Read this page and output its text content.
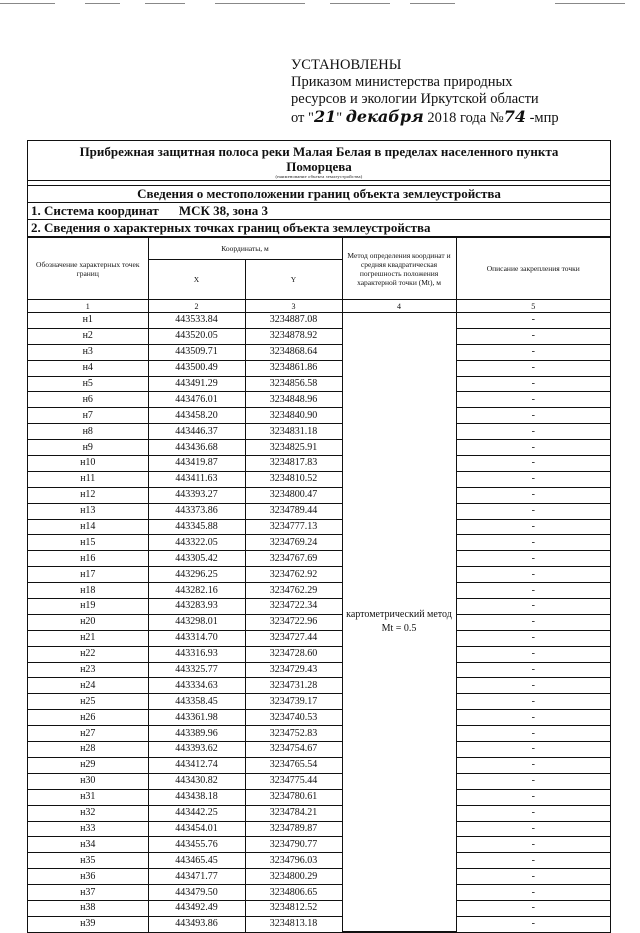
УСТАНОВЛЕНЫ
Приказом министерства природных
ресурсов и экологии Иркутской области
от "21" декабря 2018 года №74 -мпр
Прибрежная защитная полоса реки Малая Белая в пределах населенного пункта Поморцева
(наименование объекта землеустройства)
Сведения о местоположении границ объекта землеустройства
1. Система координат МСК 38, зона 3
2. Сведения о характерных точках границ объекта землеустройства
Обозначение характерных точек границ	Координаты, м		Метод определения координат и средняя квадратическая погрешность положения характерной точки (Mt), м	Описание закрепления точки
	X	Y		
1	2	3	4	5
н1	443533.84	3234887.08	картометрический метод Mt = 0.5	-
н2	443520.05	3234878.92		-
н3	443509.71	3234868.64		-
н4	443500.49	3234861.86		-
н5	443491.29	3234856.58		-
н6	443476.01	3234848.96		-
н7	443458.20	3234840.90		-
н8	443446.37	3234831.18		-
н9	443436.68	3234825.91		-
н10	443419.87	3234817.83		-
н11	443411.63	3234810.52		-
н12	443393.27	3234800.47		-
н13	443373.86	3234789.44		-
н14	443345.88	3234777.13		-
н15	443322.05	3234769.24		-
н16	443305.42	3234767.69		-
н17	443296.25	3234762.92		-
н18	443282.16	3234762.29		-
н19	443283.93	3234722.34		-
н20	443298.01	3234722.96		-
н21	443314.70	3234727.44		-
н22	443316.93	3234728.60		-
н23	443325.77	3234729.43		-
н24	443334.63	3234731.28		-
н25	443358.45	3234739.17		-
н26	443361.98	3234740.53		-
н27	443389.96	3234752.83		-
н28	443393.62	3234754.67		-
н29	443412.74	3234765.54		-
н30	443430.82	3234775.44		-
н31	443438.18	3234780.61		-
н32	443442.25	3234784.21		-
н33	443454.01	3234789.87		-
н34	443455.76	3234790.77		-
н35	443465.45	3234796.03		-
н36	443471.77	3234800.29		-
н37	443479.50	3234806.65		-
н38	443492.49	3234812.52		-
н39	443493.86	3234813.18		-
